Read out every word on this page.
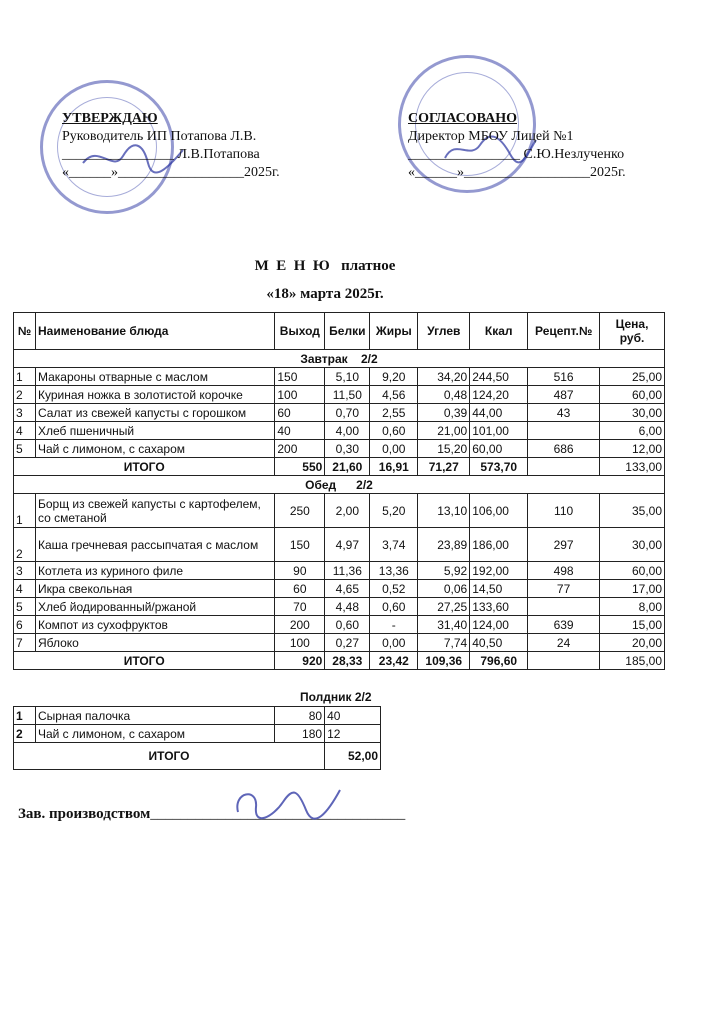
УТВЕРЖДАЮ
Руководитель ИП Потапова Л.В.
________________ Л.В.Потапова
«______»__________________2025г.
СОГЛАСОВАНО
Директор МБОУ Лицей №1
________________ С.Ю.Незлученко
«______»__________________2025г.
М  Е  Н  Ю   платное
«18» марта 2025г.
№	Наименование блюда	Выход	Белки	Жиры	Углев	Ккал	Рецепт.№	Цена, руб.
Завтрак    2/2								
1	Макароны отварные с маслом	150	5,10	9,20	34,20	244,50	516	25,00
2	Куриная ножка в золотистой корочке	100	11,50	4,56	0,48	124,20	487	60,00
3	Салат из свежей капусты с горошком	60	0,70	2,55	0,39	44,00	43	30,00
4	Хлеб пшеничный	40	4,00	0,60	21,00	101,00		6,00
5	Чай с лимоном, с сахаром	200	0,30	0,00	15,20	60,00	686	12,00
ИТОГО		550	21,60	16,91	71,27	573,70		133,00
Обед      2/2								
1	Борщ из свежей капусты с картофелем, со сметаной	250	2,00	5,20	13,10	106,00	110	35,00
2	Каша гречневая рассыпчатая с маслом	150	4,97	3,74	23,89	186,00	297	30,00
3	Котлета из куриного филе	90	11,36	13,36	5,92	192,00	498	60,00
4	Икра свекольная	60	4,65	0,52	0,06	14,50	77	17,00
5	Хлеб йодированный/ржаной	70	4,48	0,60	27,25	133,60		8,00
6	Компот из сухофруктов	200	0,60	-	31,40	124,00	639	15,00
7	Яблоко	100	0,27	0,00	7,74	40,50	24	20,00
ИТОГО		920	28,33	23,42	109,36	796,60		185,00
Полдник 2/2
1	Сырная палочка	80	40
2	Чай с лимоном, с сахаром	180	12
ИТОГО			52,00
Зав. производством__________________________________
